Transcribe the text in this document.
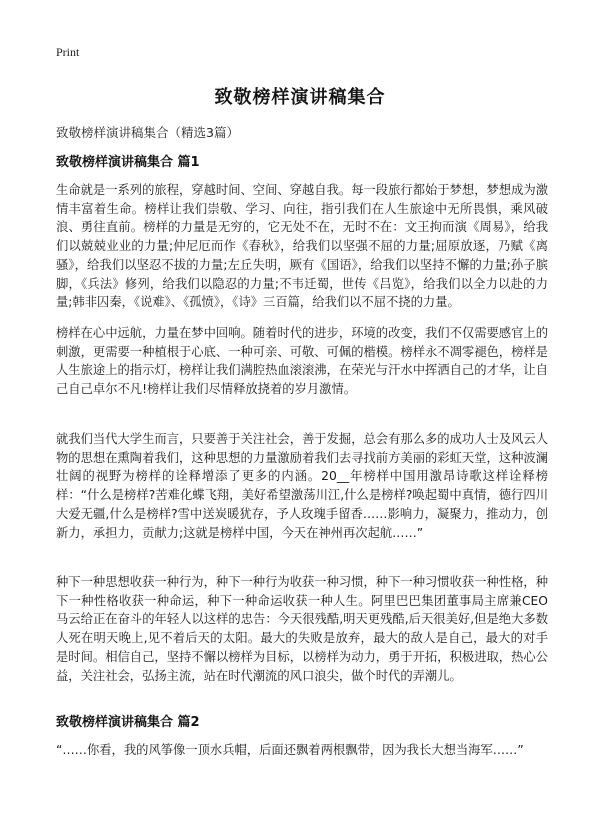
Print
致敬榜样演讲稿集合
致敬榜样演讲稿集合（精选3篇）
致敬榜样演讲稿集合 篇1

生命就是一系列的旅程，穿越时间、空间、穿越自我。每一段旅行都始于梦想，梦想成为激情丰富着生命。榜样让我们崇敬、学习、向往，指引我们在人生旅途中无所畏惧，乘风破浪、勇往直前。榜样的力量是无穷的，它无处不在，无时不在：文王拘而演《周易》，给我们以兢兢业业的力量;仲尼厄而作《春秋》，给我们以坚强不屈的力量;屈原放逐，乃赋《离骚》，给我们以坚忍不拔的力量;左丘失明，厥有《国语》，给我们以坚持不懈的力量;孙子膑脚，《兵法》修列，给我们以隐忍的力量;不韦迁蜀，世传《吕览》，给我们以全力以赴的力量;韩非囚秦，《说难》、《孤愤》，《诗》三百篇，给我们以不屈不挠的力量。

榜样在心中远航，力量在梦中回响。随着时代的进步，环境的改变，我们不仅需要感官上的刺激，更需要一种植根于心底、一种可亲、可敬、可佩的楷模。榜样永不凋零褪色，榜样是人生旅途上的指示灯，榜样让我们满腔热血滚滚沸，在荣光与汗水中挥洒自己的才华，让自己自己卓尔不凡!榜样让我们尽情释放挠着的岁月激情。

就我们当代大学生而言，只要善于关注社会，善于发掘，总会有那么多的成功人士及风云人物的思想在熏陶着我们，这种思想的力量激励着我们去寻找前方美丽的彩虹天堂，这种波澜壮阔的视野为榜样的诠释增添了更多的内涵。20__年榜样中国用激昂诗歌这样诠释榜样：“什么是榜样?苦难化蝶飞翔，美好希望激荡川江,什么是榜样?唤起蜀中真情，德行四川大爱无疆,什么是榜样?雪中送炭暖犹存，予人玫瑰手留香……影响力，凝聚力，推动力，创新力，承担力，贡献力;这就是榜样中国，今天在神州再次起航……”

种下一种思想收获一种行为，种下一种行为收获一种习惯，种下一种习惯收获一种性格，种下一种性格收获一种命运，种下一种命运收获一种人生。阿里巴巴集团董事局主席兼CEO马云给正在奋斗的年轻人以这样的忠告：今天很残酷,明天更残酷,后天很美好,但是绝大多数人死在明天晚上,见不着后天的太阳。最大的失败是放弃，最大的敌人是自己，最大的对手是时间。相信自己，坚持不懈以榜样为目标，以榜样为动力，勇于开拓，积极进取，热心公益，关注社会，弘扬主流，站在时代潮流的风口浪尖，做个时代的弄潮儿。

致敬榜样演讲稿集合 篇2

“……你看，我的风筝像一顶水兵帽，后面还飘着两根飘带，因为我长大想当海军……”
